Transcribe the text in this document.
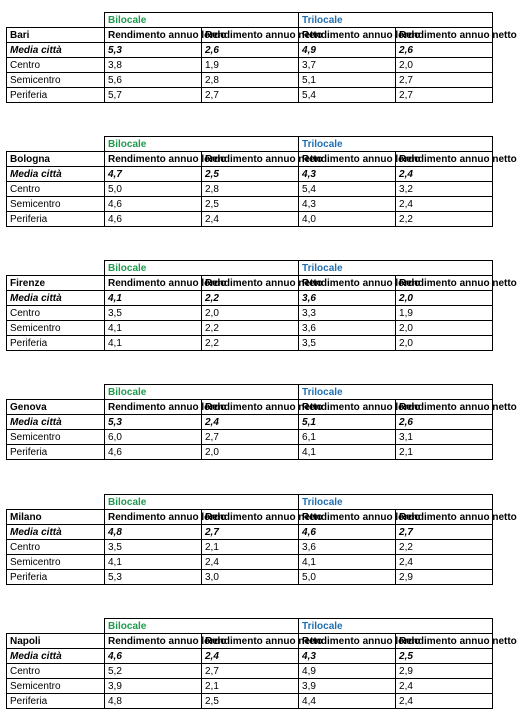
	Bilocale		Trilocale	
Bari	Rendimento annuo lordo	Rendimento annuo netto	Rendimento annuo lordo	Rendimento annuo netto
Media città	5,3	2,6	4,9	2,6
Centro	3,8	1,9	3,7	2,0
Semicentro	5,6	2,8	5,1	2,7
Periferia	5,7	2,7	5,4	2,7
	Bilocale		Trilocale	
Bologna	Rendimento annuo lordo	Rendimento annuo netto	Rendimento annuo lordo	Rendimento annuo netto
Media città	4,7	2,5	4,3	2,4
Centro	5,0	2,8	5,4	3,2
Semicentro	4,6	2,5	4,3	2,4
Periferia	4,6	2,4	4,0	2,2
	Bilocale		Trilocale	
Firenze	Rendimento annuo lordo	Rendimento annuo netto	Rendimento annuo lordo	Rendimento annuo netto
Media città	4,1	2,2	3,6	2,0
Centro	3,5	2,0	3,3	1,9
Semicentro	4,1	2,2	3,6	2,0
Periferia	4,1	2,2	3,5	2,0
	Bilocale		Trilocale	
Genova	Rendimento annuo lordo	Rendimento annuo netto	Rendimento annuo lordo	Rendimento annuo netto
Media città	5,3	2,4	5,1	2,6
Semicentro	6,0	2,7	6,1	3,1
Periferia	4,6	2,0	4,1	2,1
	Bilocale		Trilocale	
Milano	Rendimento annuo lordo	Rendimento annuo netto	Rendimento annuo lordo	Rendimento annuo netto
Media città	4,8	2,7	4,6	2,7
Centro	3,5	2,1	3,6	2,2
Semicentro	4,1	2,4	4,1	2,4
Periferia	5,3	3,0	5,0	2,9
	Bilocale		Trilocale	
Napoli	Rendimento annuo lordo	Rendimento annuo netto	Rendimento annuo lordo	Rendimento annuo netto
Media città	4,6	2,4	4,3	2,5
Centro	5,2	2,7	4,9	2,9
Semicentro	3,9	2,1	3,9	2,4
Periferia	4,8	2,5	4,4	2,4
